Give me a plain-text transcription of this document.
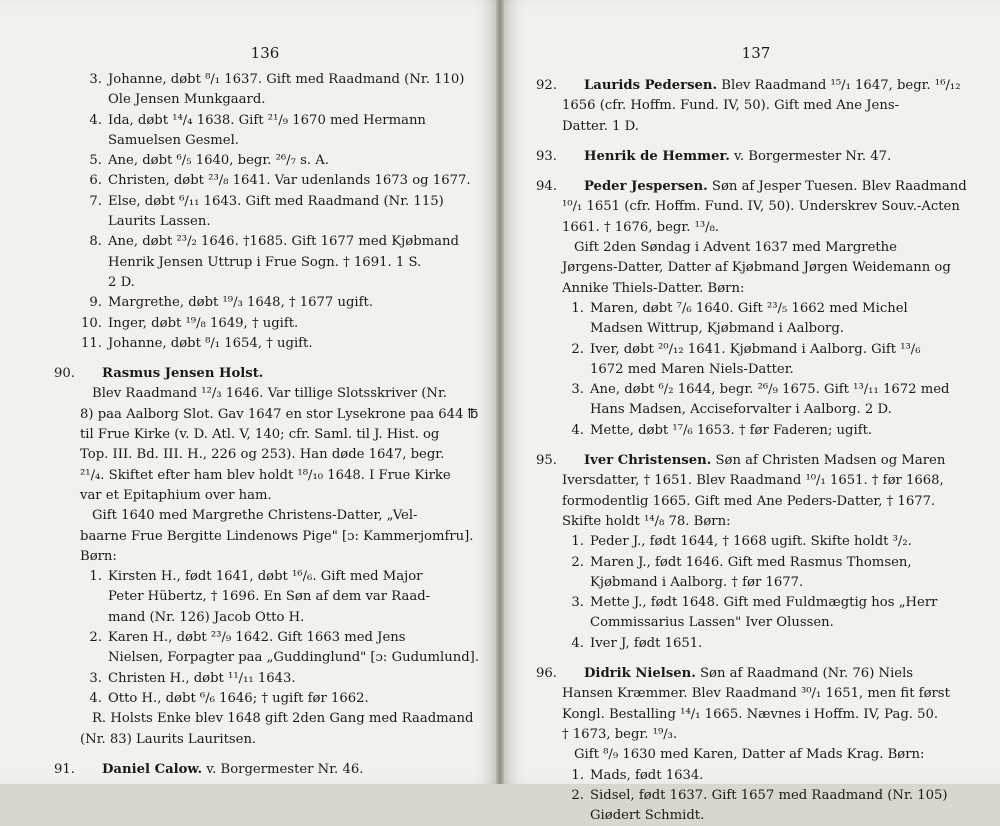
136
3. Johanne, døbt ⁸/₁ 1637. Gift med Raadmand (Nr. 110)
Ole Jensen Munkgaard.
4. Ida, døbt ¹⁴/₄ 1638. Gift ²¹/₉ 1670 med Hermann
Samuelsen Gesmel.
5. Ane, døbt ⁶/₅ 1640, begr. ²⁶/₇ s. A.
6. Christen, døbt ²³/₈ 1641. Var udenlands 1673 og 1677.
7. Else, døbt ⁶/₁₁ 1643. Gift med Raadmand (Nr. 115)
Laurits Lassen.
8. Ane, døbt ²³/₂ 1646. †1685. Gift 1677 med Kjøbmand
Henrik Jensen Uttrup i Frue Sogn. † 1691. 1 S.
2 D.
9. Margrethe, døbt ¹⁹/₃ 1648, † 1677 ugift.
10. Inger, døbt ¹⁹/₈ 1649, † ugift.
11. Johanne, døbt ⁸/₁ 1654, † ugift.
90. Rasmus Jensen Holst.
Blev Raadmand ¹²/₃ 1646. Var tillige Slotsskriver (Nr.
8) paa Aalborg Slot. Gav 1647 en stor Lysekrone paa 644 ℔
til Frue Kirke (v. D. Atl. V, 140; cfr. Saml. til J. Hist. og
Top. III. Bd. III. H., 226 og 253). Han døde 1647, begr.
²¹/₄. Skiftet efter ham blev holdt ¹⁸/₁₀ 1648. I Frue Kirke
var et Epitaphium over ham.
Gift 1640 med Margrethe Christens-Datter, „Vel-
baarne Frue Bergitte Lindenows Pige" [ɔ: Kammerjomfru].
Børn:
1. Kirsten H., født 1641, døbt ¹⁶/₆. Gift med Major
Peter Hübertz, † 1696. En Søn af dem var Raad-
mand (Nr. 126) Jacob Otto H.
2. Karen H., døbt ²³/₉ 1642. Gift 1663 med Jens
Nielsen, Forpagter paa „Guddinglund" [ɔ: Gudumlund].
3. Christen H., døbt ¹¹/₁₁ 1643.
4. Otto H., døbt ⁶/₆ 1646; † ugift før 1662.
R. Holsts Enke blev 1648 gift 2den Gang med Raadmand
(Nr. 83) Laurits Lauritsen.
91. Daniel Calow. v. Borgermester Nr. 46.
137
92. Laurids Pedersen. Blev Raadmand ¹⁵/₁ 1647, begr. ¹⁶/₁₂
1656 (cfr. Hoffm. Fund. IV, 50). Gift med Ane Jens-
Datter. 1 D.
93. Henrik de Hemmer. v. Borgermester Nr. 47.
94. Peder Jespersen. Søn af Jesper Tuesen. Blev Raadmand
¹⁰/₁ 1651 (cfr. Hoffm. Fund. IV, 50). Underskrev Souv.-Acten
1661. † 1676, begr. ¹³/₈.
Gift 2den Søndag i Advent 1637 med Margrethe
Jørgens-Datter, Datter af Kjøbmand Jørgen Weidemann og
Annike Thiels-Datter. Børn:
1. Maren, døbt ⁷/₆ 1640. Gift ²³/₅ 1662 med Michel
Madsen Wittrup, Kjøbmand i Aalborg.
2. Iver, døbt ²⁰/₁₂ 1641. Kjøbmand i Aalborg. Gift ¹³/₆
1672 med Maren Niels-Datter.
3. Ane, døbt ⁶/₂ 1644, begr. ²⁶/₉ 1675. Gift ¹³/₁₁ 1672 med
Hans Madsen, Acciseforvalter i Aalborg. 2 D.
4. Mette, døbt ¹⁷/₆ 1653. † før Faderen; ugift.
95. Iver Christensen. Søn af Christen Madsen og Maren
Iversdatter, † 1651. Blev Raadmand ¹⁰/₁ 1651. † før 1668,
formodentlig 1665. Gift med Ane Peders-Datter, † 1677.
Skifte holdt ¹⁴/₈ 78. Børn:
1. Peder J., født 1644, † 1668 ugift. Skifte holdt ³/₂.
2. Maren J., født 1646. Gift med Rasmus Thomsen,
Kjøbmand i Aalborg. † før 1677.
3. Mette J., født 1648. Gift med Fuldmægtig hos „Herr
Commissarius Lassen" Iver Olussen.
4. Iver J, født 1651.
96. Didrik Nielsen. Søn af Raadmand (Nr. 76) Niels
Hansen Kræmmer. Blev Raadmand ³⁰/₁ 1651, men fit først
Kongl. Bestalling ¹⁴/₁ 1665. Nævnes i Hoffm. IV, Pag. 50.
† 1673, begr. ¹⁹/₃.
Gift ⁸/₉ 1630 med Karen, Datter af Mads Krag. Børn:
1. Mads, født 1634.
2. Sidsel, født 1637. Gift 1657 med Raadmand (Nr. 105)
Giødert Schmidt.
